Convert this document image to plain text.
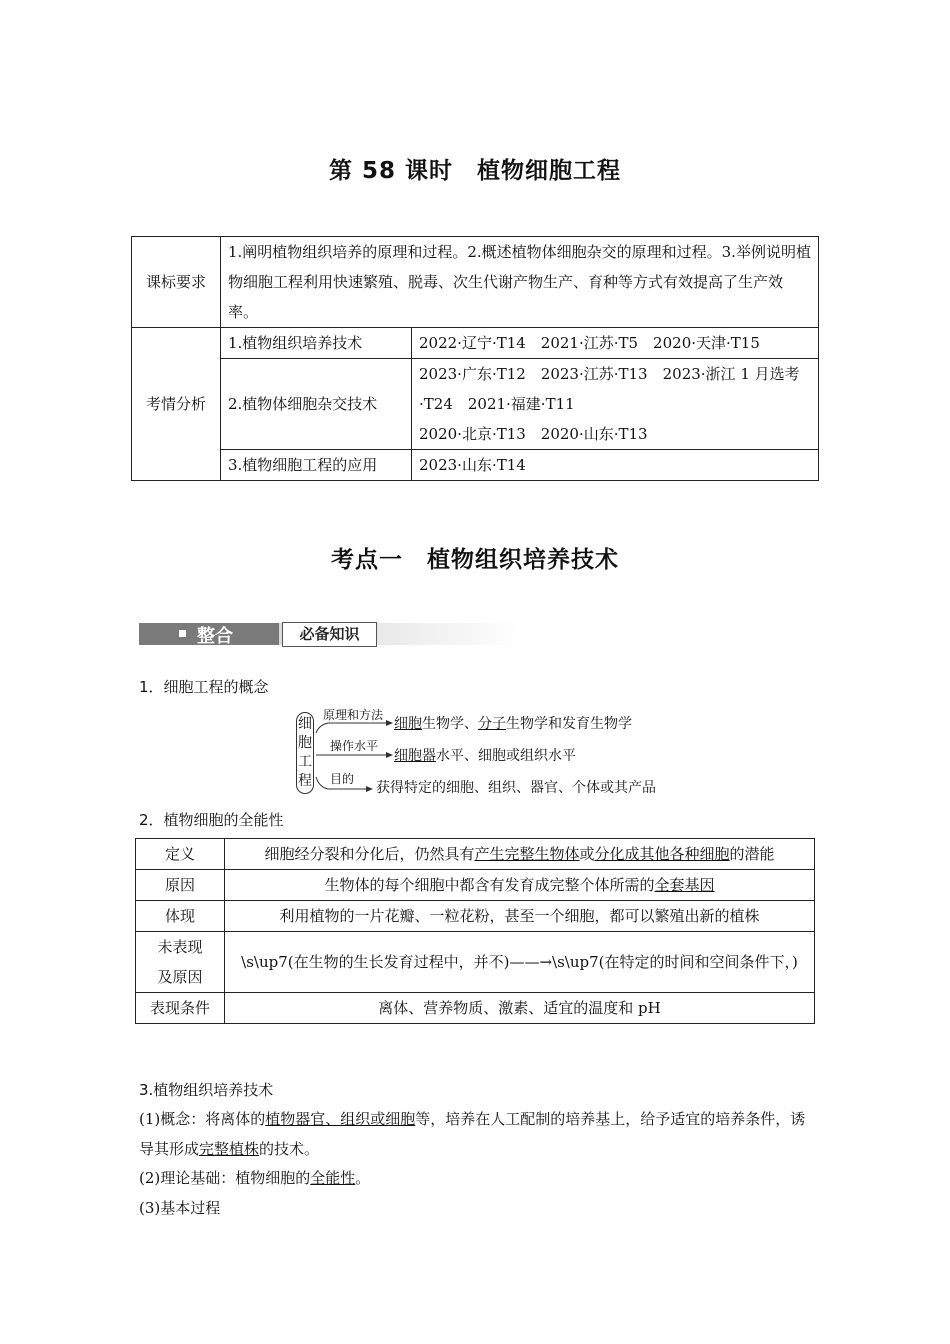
第 58 课时　植物细胞工程
课标要求	1.阐明植物组织培养的原理和过程。2.概述植物体细胞杂交的原理和过程。3.举例说明植物细胞工程利用快速繁殖、脱毒、次生代谢产物生产、育种等方式有效提高了生产效率。	
考情分析	1.植物组织培养技术	2022·辽宁·T14　2021·江苏·T5　2020·天津·T15
	2.植物体细胞杂交技术	2023·广东·T12　2023·江苏·T13　2023·浙江 1 月选考·T24　2021·福建·T11
2020·北京·T13　2020·山东·T13

	3.植物细胞工程的应用	2023·山东·T14
考点一　植物组织培养技术
整合	必备知识
1．细胞工程的概念
细
胞
工
程
原理和方法
操作水平
目的
细胞生物学、分子生物学和发育生物学
细胞器水平、细胞或组织水平
获得特定的细胞、组织、器官、个体或其产品
2．植物细胞的全能性
定义	细胞经分裂和分化后，仍然具有产生完整生物体或分化成其他各种细胞的潜能
原因	生物体的每个细胞中都含有发育成完整个体所需的全套基因
体现	利用植物的一片花瓣、一粒花粉，甚至一个细胞，都可以繁殖出新的植株

未表现
及原因	\s\up7(在生物的生长发育过程中，并不)——→\s\up7(在特定的时间和空间条件下，)
表现条件	离体、营养物质、激素、适宜的温度和 pH
3.植物组织培养技术
(1)概念：将离体的植物器官、组织或细胞等，培养在人工配制的培养基上，给予适宜的培养条件，诱导其形成完整植株的技术。
(2)理论基础：植物细胞的全能性。
(3)基本过程
